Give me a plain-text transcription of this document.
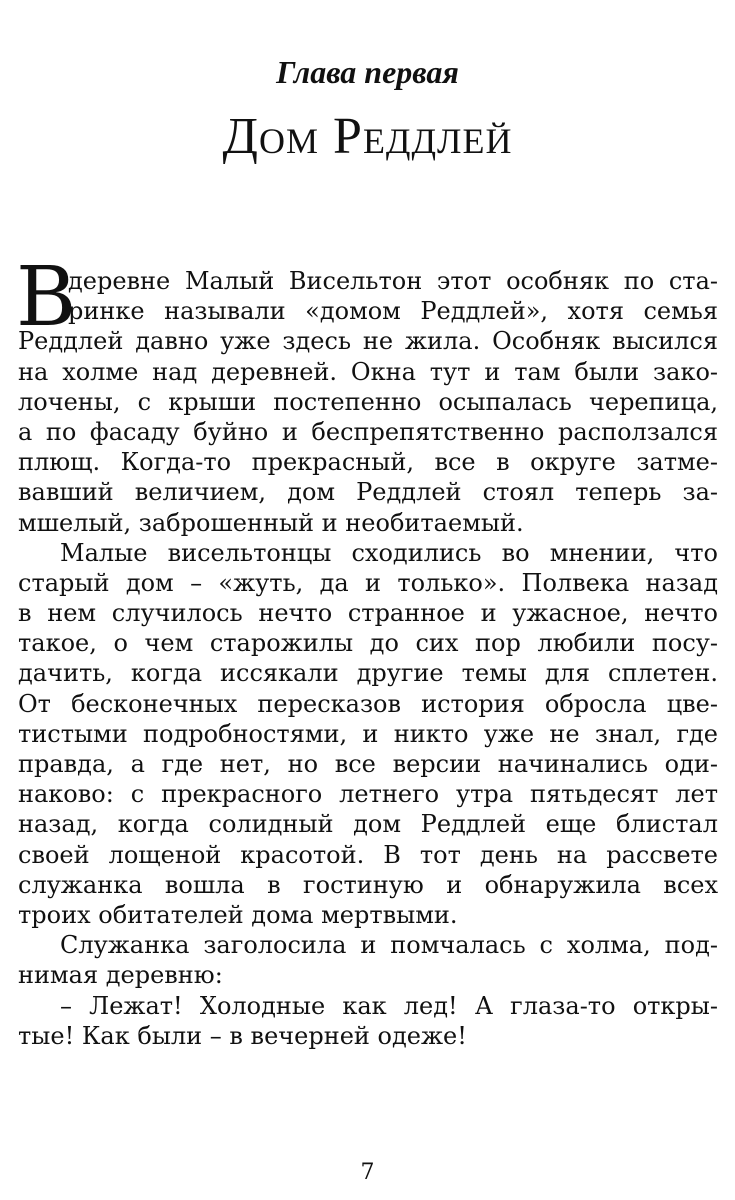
Глава первая
Дом Реддлей
В
деревне Малый Висельтон этот особняк по ста-
ринке называли «домом Реддлей», хотя семья
Реддлей давно уже здесь не жила. Особняк высился
на холме над деревней. Окна тут и там были зако-
лочены, с крыши постепенно осыпалась черепица,
а по фасаду буйно и беспрепятственно расползался
плющ. Когда-то прекрасный, все в округе затме-
вавший величием, дом Реддлей стоял теперь за-
мшелый, заброшенный и необитаемый.
Малые висельтонцы сходились во мнении, что
старый дом – «жуть, да и только». Полвека назад
в нем случилось нечто странное и ужасное, нечто
такое, о чем старожилы до сих пор любили посу-
дачить, когда иссякали другие темы для сплетен.
От бесконечных пересказов история обросла цве-
тистыми подробностями, и никто уже не знал, где
правда, а где нет, но все версии начинались оди-
наково: с прекрасного летнего утра пятьдесят лет
назад, когда солидный дом Реддлей еще блистал
своей лощеной красотой. В тот день на рассвете
служанка вошла в гостиную и обнаружила всех
троих обитателей дома мертвыми.
Служанка заголосила и помчалась с холма, под-
нимая деревню:
– Лежат! Холодные как лед! А глаза-то откры-
тые! Как были – в вечерней одеже!
7
